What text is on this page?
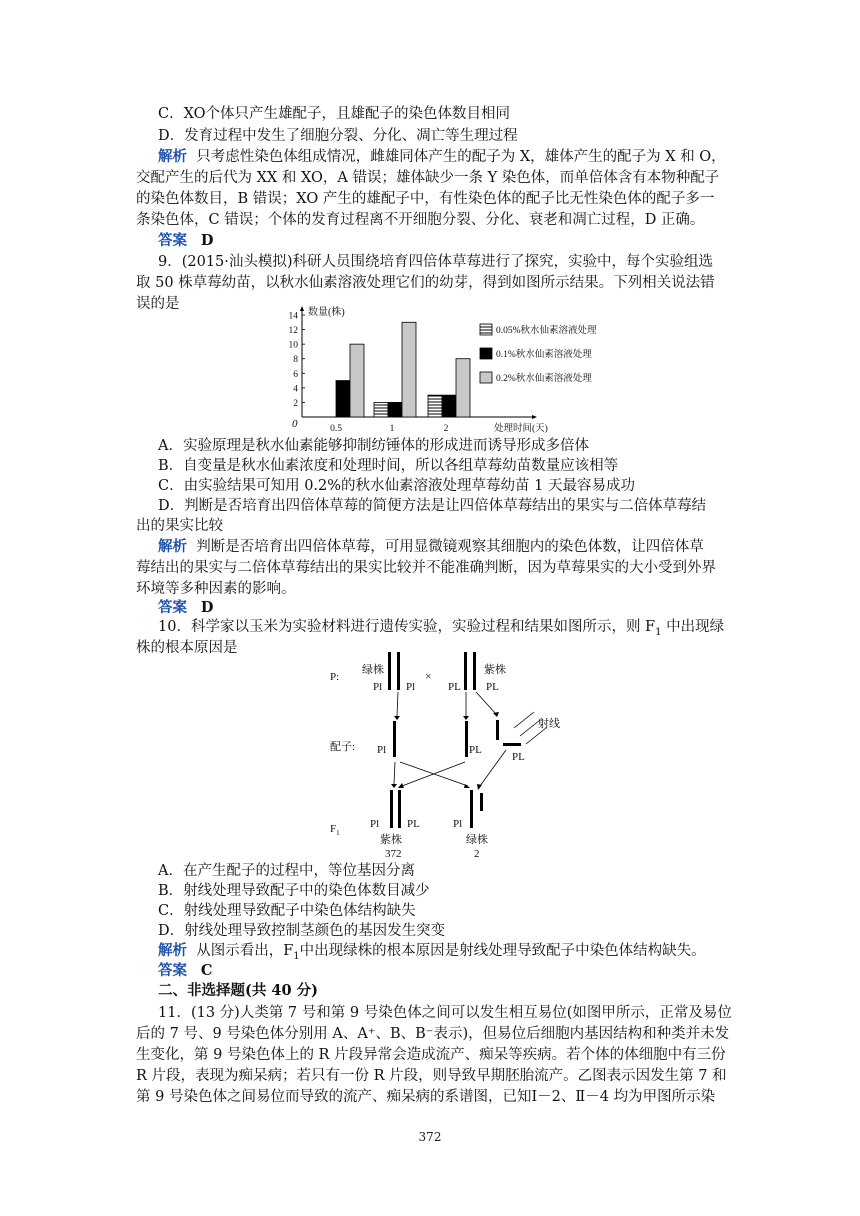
C．XO个体只产生雄配子，且雄配子的染色体数目相同
D．发育过程中发生了细胞分裂、分化、凋亡等生理过程
解析 只考虑性染色体组成情况，雌雄同体产生的配子为 X，雄体产生的配子为 X 和 O，
交配产生的后代为 XX 和 XO，A 错误；雄体缺少一条 Y 染色体，而单倍体含有本物种配子
的染色体数目，B 错误；XO 产生的雄配子中，有性染色体的配子比无性染色体的配子多一
条染色体，C 错误；个体的发育过程离不开细胞分裂、分化、衰老和凋亡过程，D 正确。
答案 D
9．(2015·汕头模拟)科研人员围绕培育四倍体草莓进行了探究，实验中，每个实验组选
取 50 株草莓幼苗，以秋水仙素溶液处理它们的幼芽，得到如图所示结果。下列相关说法错
误的是
数量(株)
处理时间(天)
0
2
4
6
8
10
12
14
0.5	1	2
0.05%秋水仙素溶液处理
0.1%秋水仙素溶液处理
0.2%秋水仙素溶液处理
A．实验原理是秋水仙素能够抑制纺锤体的形成进而诱导形成多倍体
B．自变量是秋水仙素浓度和处理时间，所以各组草莓幼苗数量应该相等
C．由实验结果可知用 0.2%的秋水仙素溶液处理草莓幼苗 1 天最容易成功
D．判断是否培育出四倍体草莓的简便方法是让四倍体草莓结出的果实与二倍体草莓结
出的果实比较
解析 判断是否培育出四倍体草莓，可用显微镜观察其细胞内的染色体数，让四倍体草
莓结出的果实与二倍体草莓结出的果实比较并不能准确判断，因为草莓果实的大小受到外界
环境等多种因素的影响。
答案 D
10．科学家以玉米为实验材料进行遗传实验，实验过程和结果如图所示，则 $F_1$ 中出现绿
株的根本原因是
P:
绿株	紫株
×
Pl Pl	PL PL
射线
配子: Pl	PL
PL
$F_1$
Pl	PL	Pl
紫株
372
绿株
2
A．在产生配子的过程中，等位基因分离
B．射线处理导致配子中的染色体数目减少
C．射线处理导致配子中染色体结构缺失
D．射线处理导致控制茎颜色的基因发生突变
解析 从图示看出，$F_1$中出现绿株的根本原因是射线处理导致配子中染色体结构缺失。
答案 C
二、非选择题(共 40 分)
11．(13 分)人类第 7 号和第 9 号染色体之间可以发生相互易位(如图甲所示，正常及易位
后的 7 号、9 号染色体分别用 A、A⁺、B、B⁻表示)，但易位后细胞内基因结构和种类并未发
生变化，第 9 号染色体上的 R 片段异常会造成流产、痴呆等疾病。若个体的体细胞中有三份
R 片段，表现为痴呆病；若只有一份 R 片段，则导致早期胚胎流产。乙图表示因发生第 7 和
第 9 号染色体之间易位而导致的流产、痴呆病的系谱图，已知Ⅰ－2、Ⅱ－4 均为甲图所示染
372
